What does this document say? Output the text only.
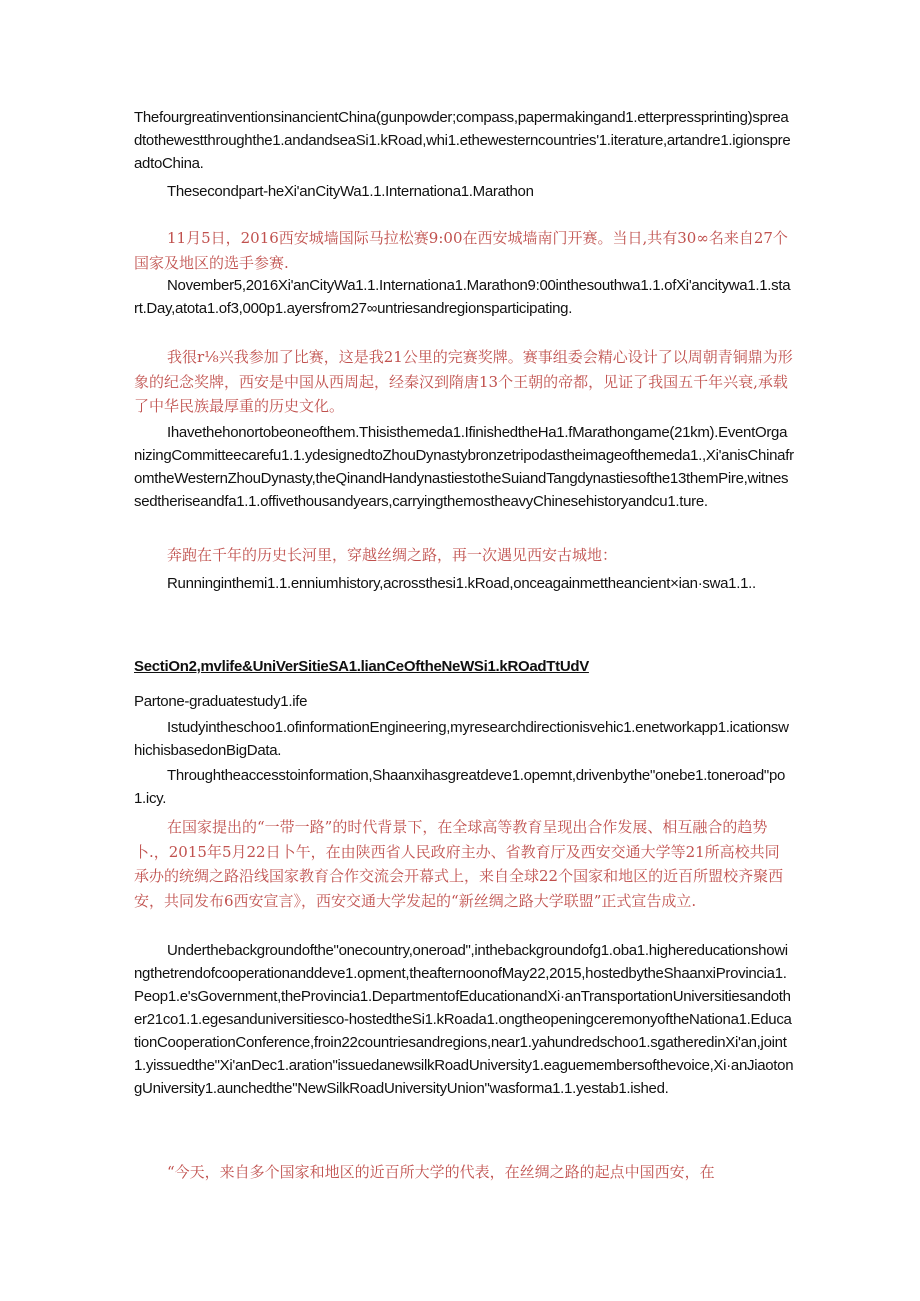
ThefourgreatinventionsinancientChina(gunpowder;compass,papermakingand1.etterpressprinting)spreadtothewestthroughthe1.andandseaSi1.kRoad,whi1.ethewesterncountries'1.iterature,artandre1.igionspreadtoChina.

Thesecondpart-heXi'anCityWa1.1.Internationa1.Marathon

11月5日，2016西安城墙国际马拉松赛9:00在西安城墙南门开赛。当日,共有30∞名来自27个国家及地区的选手参赛.

November5,2016Xi'anCityWa1.1.Internationa1.Marathon9:00inthesouthwa1.1.ofXi'ancitywa1.1.start.Day,atota1.of3,000p1.ayersfrom27∞untriesandregionsparticipating.

我很r⅛兴我参加了比赛，这是我21公里的完赛奖牌。赛事组委会精心设计了以周朝青铜鼎为形象的纪念奖牌，西安是中国从西周起，经秦汉到隋唐13个王朝的帝都，见证了我国五千年兴衰,承载了中华民族最厚重的历史文化。

Ihavethehonortobeoneofthem.Thisisthemeda1.IfinishedtheHa1.fMarathongame(21km).EventOrganizingCommitteecarefu1.1.ydesignedtoZhouDynastybronzetripodastheimageofthemeda1.,Xi'anisChinafromtheWesternZhouDynasty,theQinandHandynastiestotheSuiandTangdynastiesofthe13themPire,witnessedtheriseandfa1.1.offivethousandyears,carryingthemostheavyChinesehistoryandcu1.ture.

奔跑在千年的历史长河里，穿越丝绸之路，再一次遇见西安古城地：

Runninginthemi1.1.enniumhistory,acrossthesi1.kRoad,onceagainmettheancient×ian·swa1.1..

SectiOn2,mvlife&UniVerSitieSA1.lianCeOftheNeWSi1.kROadTtUdV

Partone-graduatestudy1.ife

Istudyintheschoo1.ofinformationEngineering,myresearchdirectionisvehic1.enetworkapp1.icationswhichisbasedonBigData.

Throughtheaccesstoinformation,Shaanxihasgreatdeve1.opemnt,drivenbythe"onebe1.toneroad"po1.icy.

在国家提出的“一带一路”的时代背景下，在全球高等教育呈现出合作发展、相互融合的趋势卜.，2015年5月22日卜午，在由陕西省人民政府主办、省教育厅及西安交通大学等21所高校共同承办的统绸之路沿线国家教育合作交流会开幕式上，来自全球22个国家和地区的近百所盟校齐聚西安，共同发布6西安宣言》，西安交通大学发起的“新丝绸之路大学联盟”正式宣告成立.

Underthebackgroundofthe"onecountry,oneroad",inthebackgroundofg1.oba1.highereducationshowingthetrendofcooperationanddeve1.opment,theafternoonofMay22,2015,hostedbytheShaanxiProvincia1.Peop1.e'sGovernment,theProvincia1.DepartmentofEducationandXi·anTransportationUniversitiesandother21co1.1.egesanduniversitiesco-hostedtheSi1.kRoada1.ongtheopeningceremonyoftheNationa1.EducationCooperationConference,froin22countriesandregions,near1.yahundredschoo1.sgatheredinXi'an,joint1.yissuedthe"Xi'anDec1.aration"issuedanewsilkRoadUniversity1.eaguemembersofthevoice,Xi·anJiaotongUniversity1.aunchedthe"NewSilkRoadUniversityUnion"wasforma1.1.yestab1.ished.

“今天，来自多个国家和地区的近百所大学的代表，在丝绸之路的起点中国西安，在
